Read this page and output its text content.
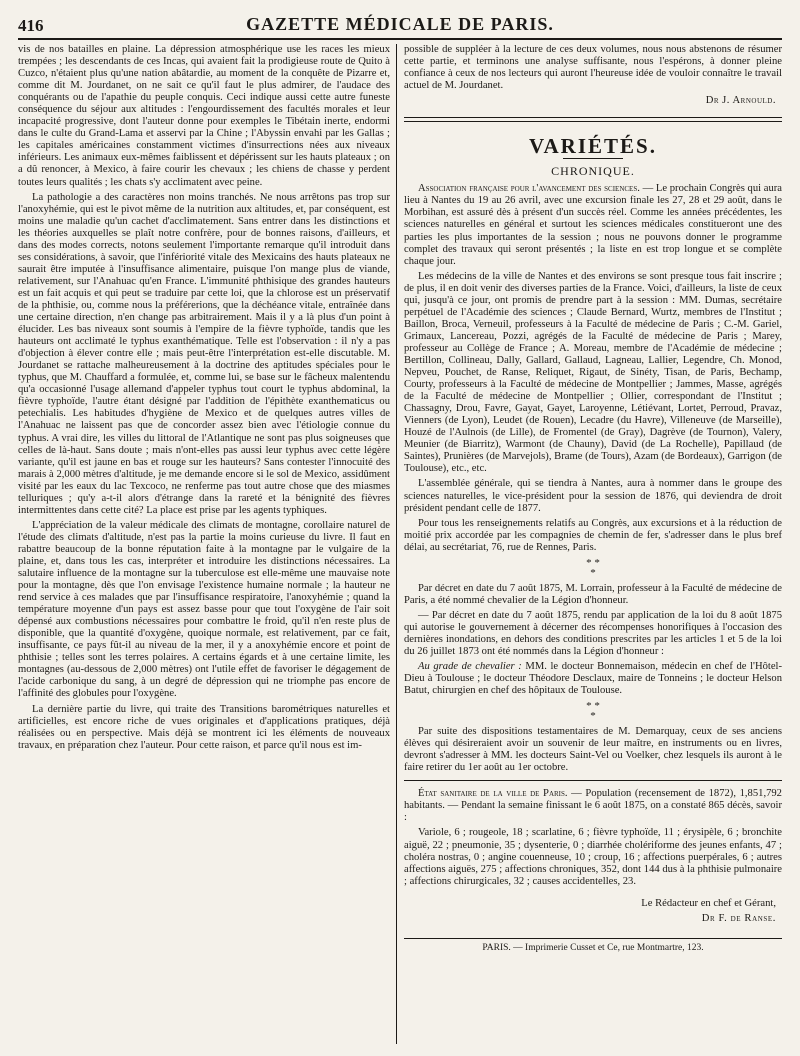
416	GAZETTE MÉDICALE DE PARIS.

vis de nos batailles en plaine. La dépression atmosphérique use les races les mieux trempées ; les descendants de ces Incas, qui avaient fait la prodigieuse route de Quito à Cuzco, n'étaient plus qu'une nation abâtardie, au moment de la conquête de Pizarre et, comme dit M. Jourdanet, on ne sait ce qu'il faut le plus admirer, de l'audace des conquérants ou de l'apathie du peuple conquis. Ceci indique aussi cette autre funeste conséquence du séjour aux altitudes : l'engourdissement des facultés morales et leur incapacité progressive, dont l'auteur donne pour exemples le Tibétain inerte, endormi dans le culte du Grand-Lama et asservi par la Chine ; l'Abyssin envahi par les Gallas ; les capitales américaines constamment victimes d'insurrections nées aux niveaux inférieurs. Les animaux eux-mêmes faiblissent et dépérissent sur les hauts plateaux ; on a dû renoncer, à Mexico, à faire courir les chevaux ; les chiens de chasse y perdent toutes leurs qualités ; les chats s'y acclimatent avec peine.

La pathologie a des caractères non moins tranchés. Ne nous arrêtons pas trop sur l'anoxyhémie, qui est le pivot même de la nutrition aux altitudes, et, par conséquent, est moins une maladie qu'un cachet d'acclimatement. Sans entrer dans les distinctions et les théories auxquelles se plaît notre confrère, pour de bonnes raisons, d'ailleurs, et dans des modes corrects, notons seulement l'importante remarque qu'il introduit dans ses considérations, à savoir, que l'infériorité vitale des Mexicains des hauts plateaux ne saurait être imputée à l'insuffisance alimentaire, puisque l'on mange plus de viande, relativement, sur l'Anahuac qu'en France. L'immunité phthisique des grandes hauteurs est un fait acquis et qui peut se traduire par cette loi, que la chlorose est un préservatif de la phthisie, ou, comme nous la préférerions, que la déchéance vitale, entraînée dans une certaine direction, n'en change pas arbitrairement. Mais il y a là plus d'un point à élucider. Les bas niveaux sont soumis à l'empire de la fièvre typhoïde, tandis que les hauteurs ont acclimaté le typhus exanthématique. Telle est l'observation : il n'y a pas d'objection à élever contre elle ; mais peut-être l'interprétation est-elle discutable. M. Jourdanet se rattache malheureusement à la doctrine des aptitudes spéciales pour le typhus, que M. Chauffard a formulée, et, comme lui, se base sur le fâcheux malentendu qu'a occasionné l'usage allemand d'appeler typhus tout court le typhus abdominal, la fièvre typhoïde, l'autre étant désigné par l'addition de l'épithète exanthematicus ou petechialis. Les habitudes d'hygiène de Mexico et de quelques autres villes de l'Anahuac ne laissent pas que de concorder assez bien avec l'étiologie connue du typhus. A vrai dire, les villes du littoral de l'Atlantique ne sont pas plus soigneuses que celles de là-haut. Sans doute ; mais n'ont-elles pas aussi leur typhus avec cette légère variante, qu'il est jaune en bas et rouge sur les hauteurs? Sans contester l'innocuité des marais à 2,000 mètres d'altitude, je me demande encore si le sol de Mexico, assidûment visité par les eaux du lac Texcoco, ne renferme pas tout autre chose que des miasmes telluriques ; qu'y a-t-il alors d'étrange dans la rareté et la bénignité des fièvres intermittentes dans cette cité? La place est prise par les agents typhiques.

L'appréciation de la valeur médicale des climats de montagne, corollaire naturel de l'étude des climats d'altitude, n'est pas la partie la moins curieuse du livre. Il faut en rabattre beaucoup de la bonne réputation faite à la montagne par le vulgaire de la plaine, et, dans tous les cas, interpréter et introduire les distinctions nécessaires. La salutaire influence de la montagne sur la tuberculose est elle-même une mauvaise note pour la montagne, dès que l'on envisage l'existence humaine normale ; la hauteur ne rend service à ces malades que par l'insuffisance respiratoire, l'anoxyhémie ; quand la température moyenne d'un pays est assez basse pour que tout l'oxygène de l'air soit dépensé aux combustions nécessaires pour combattre le froid, qu'il n'en reste plus de disponible, que la quantité d'oxygène, quoique normale, est relativement, par ce fait, insuffisante, ce pays fût-il au niveau de la mer, il y a anoxyhémie encore et point de phthisie ; telles sont les terres polaires. A certains égards et à une certaine limite, les montagnes (au-dessous de 2,000 mètres) ont l'utile effet de favoriser le dégagement de l'acide carbonique du sang, à un degré de dépression qui ne triomphe pas encore de l'affinité des globules pour l'oxygène.

La dernière partie du livre, qui traite des Transitions barométriques naturelles et artificielles, est encore riche de vues originales et d'applications pratiques, déjà réalisées ou en perspective. Mais déjà se montrent ici les éléments de nouveaux travaux, en préparation chez l'auteur. Pour cette raison, et parce qu'il nous est im-

possible de suppléer à la lecture de ces deux volumes, nous nous abstenons de résumer cette partie, et terminons une analyse suffisante, nous l'espérons, à donner pleine confiance à ceux de nos lecteurs qui auront l'heureuse idée de vouloir connaître le travail actuel de M. Jourdanet.

Dr J. Arnould.
VARIÉTÉS.
CHRONIQUE.

Association française pour l'avancement des sciences. — Le prochain Congrès qui aura lieu à Nantes du 19 au 26 avril, avec une excursion finale les 27, 28 et 29 août, dans le Morbihan, est assuré dès à présent d'un succès réel. Comme les années précédentes, les sciences naturelles en général et surtout les sciences médicales constitueront une des parties les plus importantes de la session ; nous ne pouvons donner le programme complet des travaux qui seront présentés ; la liste en est trop longue et se complète chaque jour.

Les médecins de la ville de Nantes et des environs se sont presque tous fait inscrire ; de plus, il en doit venir des diverses parties de la France. Voici, d'ailleurs, la liste de ceux qui, jusqu'à ce jour, ont promis de prendre part à la session : MM. Dumas, secrétaire perpétuel de l'Académie des sciences ; Claude Bernard, Wurtz, membres de l'Institut ; Baillon, Broca, Verneuil, professeurs à la Faculté de médecine de Paris ; C.-M. Gariel, Grimaux, Lancereau, Pozzi, agrégés de la Faculté de médecine de Paris ; Marey, professeur au Collège de France ; A. Moreau, membre de l'Académie de médecine ; Bertillon, Collineau, Dally, Gallard, Gallaud, Lagneau, Lallier, Legendre, Ch. Monod, Nepveu, Pouchet, de Ranse, Reliquet, Rigaut, de Sinéty, Tisan, de Paris, Bechamp, Courty, professeurs à la Faculté de médecine de Montpellier ; Jammes, Masse, agrégés de la Faculté de médecine de Montpellier ; Ollier, correspondant de l'Institut ; Chassagny, Drou, Favre, Gayat, Gayet, Laroyenne, Létiévant, Lortet, Perroud, Pravaz, Vienners (de Lyon), Leudet (de Rouen), Lecadre (du Havre), Villeneuve (de Marseille), Houzé de l'Aulnois (de Lille), de Fromentel (de Gray), Dagrève (de Tournon), Valery, Meunier (de Biarritz), Warmont (de Chauny), David (de La Rochelle), Papillaud (de Saintes), Prunières (de Marvejols), Brame (de Tours), Azam (de Bordeaux), Garrigon (de Toulouse), etc., etc.

L'assemblée générale, qui se tiendra à Nantes, aura à nommer dans le groupe des sciences naturelles, le vice-président pour la session de 1876, qui deviendra de droit président pendant celle de 1877.

Pour tous les renseignements relatifs au Congrès, aux excursions et à la réduction de moitié prix accordée par les compagnies de chemin de fer, s'adresser dans le plus bref délai, au secrétariat, 76, rue de Rennes, Paris.

* *
*

Par décret en date du 7 août 1875, M. Lorrain, professeur à la Faculté de médecine de Paris, a été nommé chevalier de la Légion d'honneur.

— Par décret en date du 7 août 1875, rendu par application de la loi du 8 août 1875 qui autorise le gouvernement à décerner des récompenses honorifiques à l'occasion des dernières inondations, en dehors des conditions prescrites par les articles 1 et 5 de la loi du 26 juillet 1873 ont été nommés dans la Légion d'honneur :

Au grade de chevalier : MM. le docteur Bonnemaison, médecin en chef de l'Hôtel-Dieu à Toulouse ; le docteur Théodore Desclaux, maire de Tonneins ; le docteur Helson Batut, chirurgien en chef des hôpitaux de Toulouse.

* *
*

Par suite des dispositions testamentaires de M. Demarquay, ceux de ses anciens élèves qui désireraient avoir un souvenir de leur maître, en instruments ou en livres, devront s'adresser à MM. les docteurs Saint-Vel ou Voelker, chez lesquels ils auront à le faire retirer du 1er août au 1er octobre.

État sanitaire de la ville de Paris. — Population (recensement de 1872), 1,851,792 habitants. — Pendant la semaine finissant le 6 août 1875, on a constaté 865 décès, savoir :

Variole, 6 ; rougeole, 18 ; scarlatine, 6 ; fièvre typhoïde, 11 ; érysipèle, 6 ; bronchite aiguë, 22 ; pneumonie, 35 ; dysenterie, 0 ; diarrhée cholériforme des jeunes enfants, 47 ; choléra nostras, 0 ; angine couenneuse, 10 ; croup, 16 ; affections puerpérales, 6 ; autres affections aiguës, 275 ; affections chroniques, 352, dont 144 dus à la phthisie pulmonaire ; affections chirurgicales, 32 ; causes accidentelles, 23.

Le Rédacteur en chef et Gérant,
Dr F. de Ranse.
PARIS. — Imprimerie Cusset et Ce, rue Montmartre, 123.
